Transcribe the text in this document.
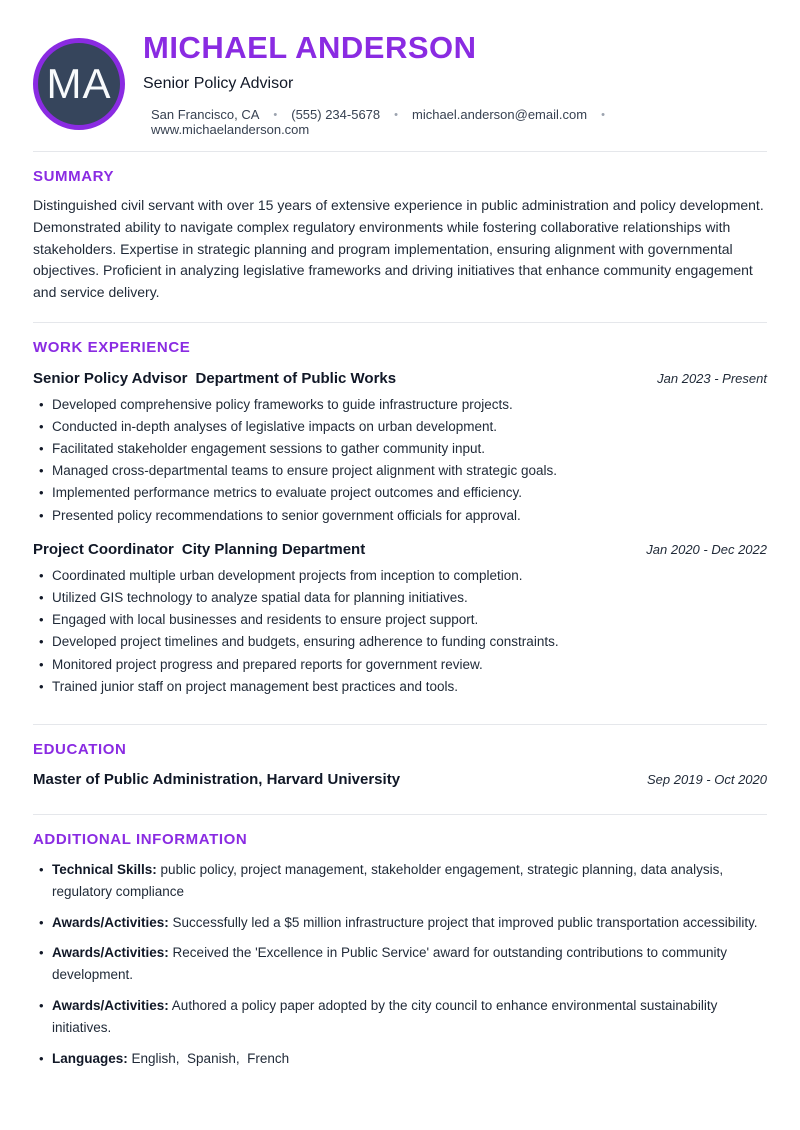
MA
MICHAEL ANDERSON
Senior Policy Advisor
San Francisco, CA • (555) 234-5678 • michael.anderson@email.com •
www.michaelanderson.com
SUMMARY

Distinguished civil servant with over 15 years of extensive experience in public administration and policy development. Demonstrated ability to navigate complex regulatory environments while fostering collaborative relationships with stakeholders. Expertise in strategic planning and program implementation, ensuring alignment with governmental objectives. Proficient in analyzing legislative frameworks and driving initiatives that enhance community engagement and service delivery.

WORK EXPERIENCE
Senior Policy Advisor Department of Public Works	Jan 2023 - Present
• Developed comprehensive policy frameworks to guide infrastructure projects.
• Conducted in-depth analyses of legislative impacts on urban development.
• Facilitated stakeholder engagement sessions to gather community input.
• Managed cross-departmental teams to ensure project alignment with strategic goals.
• Implemented performance metrics to evaluate project outcomes and efficiency.
• Presented policy recommendations to senior government officials for approval.
Project Coordinator City Planning Department	Jan 2020 - Dec 2022
• Coordinated multiple urban development projects from inception to completion.
• Utilized GIS technology to analyze spatial data for planning initiatives.
• Engaged with local businesses and residents to ensure project support.
• Developed project timelines and budgets, ensuring adherence to funding constraints.
• Monitored project progress and prepared reports for government review.
• Trained junior staff on project management best practices and tools.
EDUCATION
Master of Public Administration, Harvard University	Sep 2019 - Oct 2020
ADDITIONAL INFORMATION
• Technical Skills: public policy, project management, stakeholder engagement, strategic planning, data analysis, regulatory compliance
• Awards/Activities: Successfully led a $5 million infrastructure project that improved public transportation accessibility.
• Awards/Activities: Received the 'Excellence in Public Service' award for outstanding contributions to community development.
• Awards/Activities: Authored a policy paper adopted by the city council to enhance environmental sustainability initiatives.
• Languages: English,  Spanish,  French
